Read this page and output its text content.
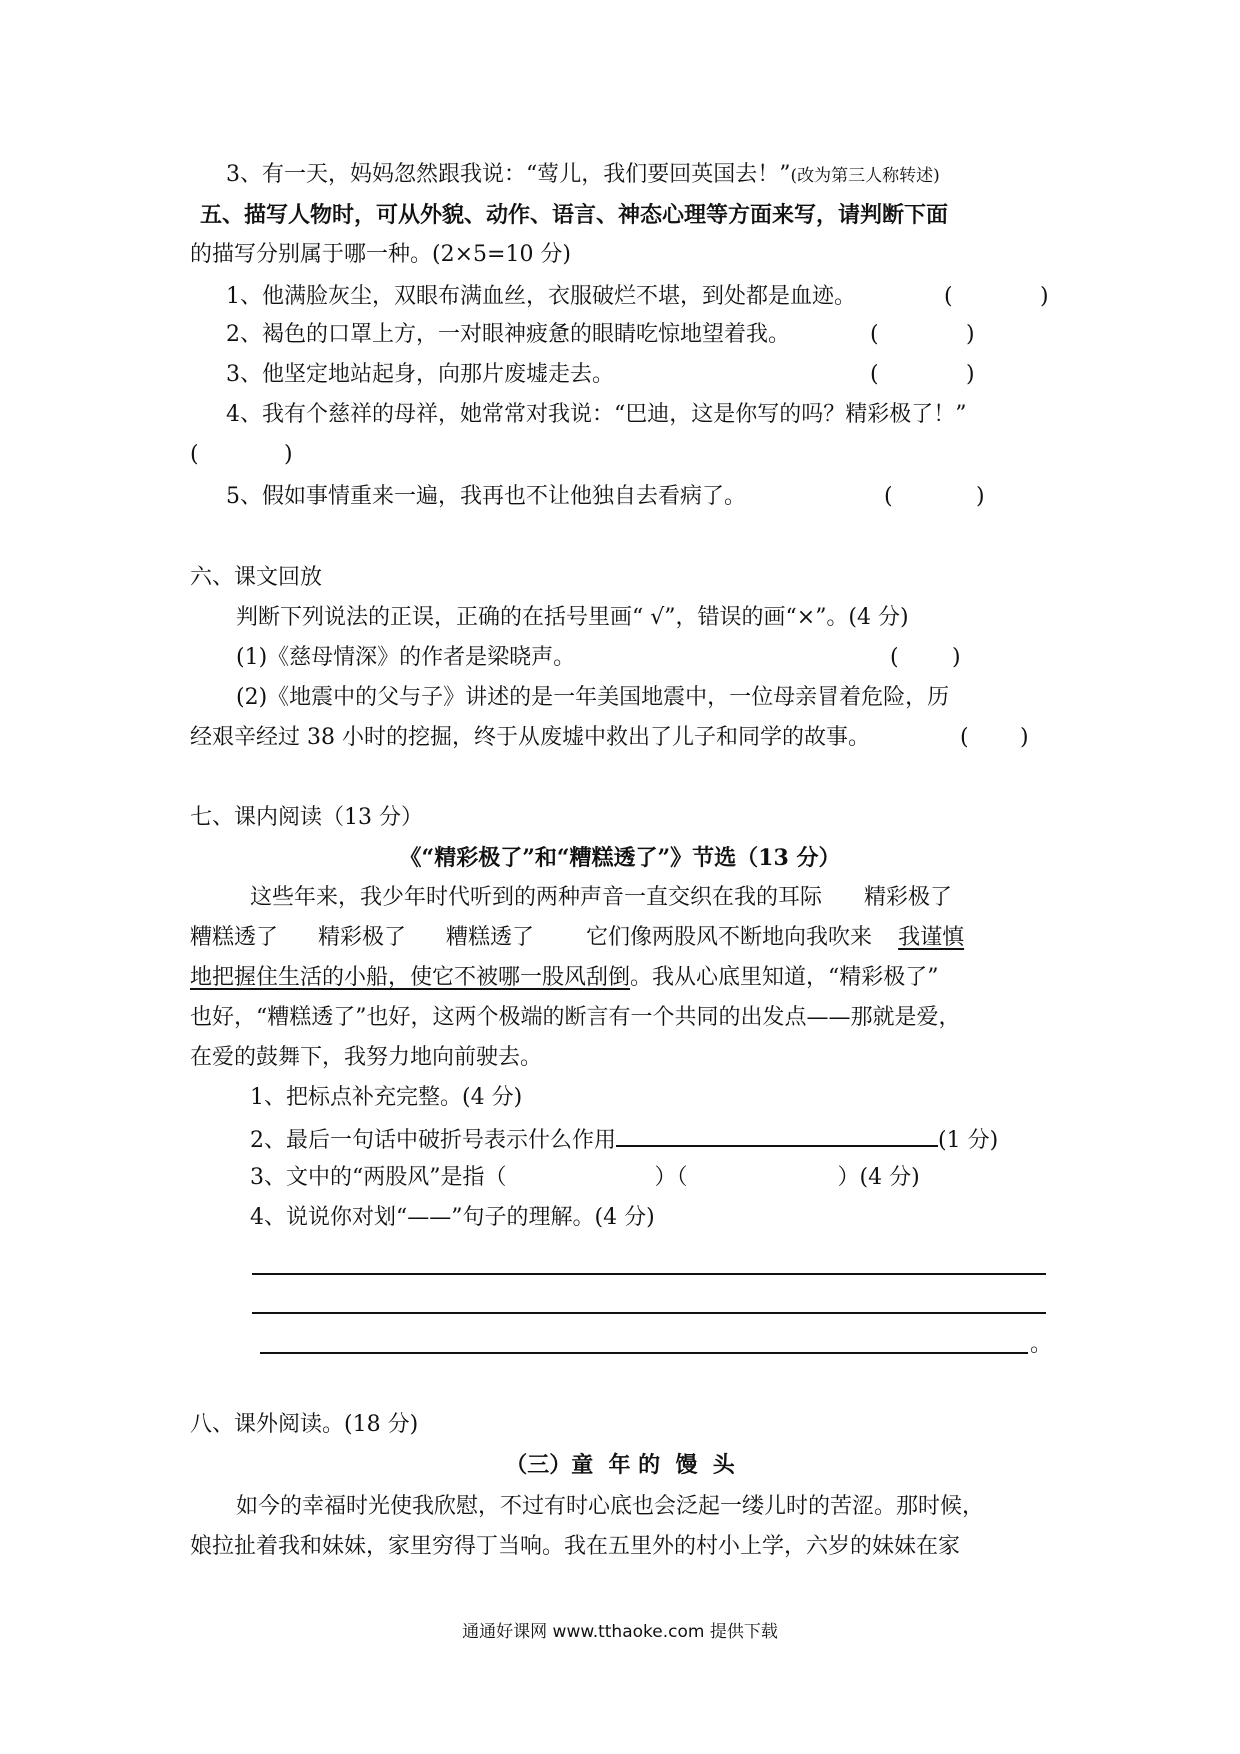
3、有一天，妈妈忽然跟我说：“莺儿，我们要回英国去！”(改为第三人称转述)
五、描写人物时，可从外貌、动作、语言、神态心理等方面来写，请判断下面
的描写分别属于哪一种。(2×5=10 分)
1、他满脸灰尘，双眼布满血丝，衣服破烂不堪，到处都是血迹。	(	)
2、褐色的口罩上方，一对眼神疲惫的眼睛吃惊地望着我。	(	)
3、他坚定地站起身，向那片废墟走去。	(	)
4、我有个慈祥的母祥，她常常对我说：“巴迪，这是你写的吗？精彩极了！”
(	)
5、假如事情重来一遍，我再也不让他独自去看病了。	(	)
六、课文回放
判断下列说法的正误，正确的在括号里画“ √”，错误的画“×”。(4 分)
(1)《慈母情深》的作者是梁晓声。	( )
(2)《地震中的父与子》讲述的是一年美国地震中，一位母亲冒着危险，历
经艰辛经过 38 小时的挖掘，终于从废墟中救出了儿子和同学的故事。	( )
七、课内阅读（13 分）
《“精彩极了”和“糟糕透了”》节选（13 分）
这些年来，我少年时代听到的两种声音一直交织在我的耳际 精彩极了
糟糕透了 精彩极了 糟糕透了 它们像两股风不断地向我吹来 我谨慎
地把握住生活的小船，使它不被哪一股风刮倒。我从心底里知道，“精彩极了”
也好，“糟糕透了”也好，这两个极端的断言有一个共同的出发点——那就是爱，
在爱的鼓舞下，我努力地向前驶去。
1、把标点补充完整。(4 分)
2、最后一句话中破折号表示什么作用	(1 分)
3、文中的“两股风”是指（	）（	）(4 分)
4、说说你对划“——”句子的理解。(4 分)
。
八、课外阅读。(18 分)
（三）童  年 的  馒  头
如今的幸福时光使我欣慰，不过有时心底也会泛起一缕儿时的苦涩。那时候，
娘拉扯着我和妹妹，家里穷得丁当响。我在五里外的村小上学，六岁的妹妹在家
通通好课网 www.tthaoke.com 提供下载
